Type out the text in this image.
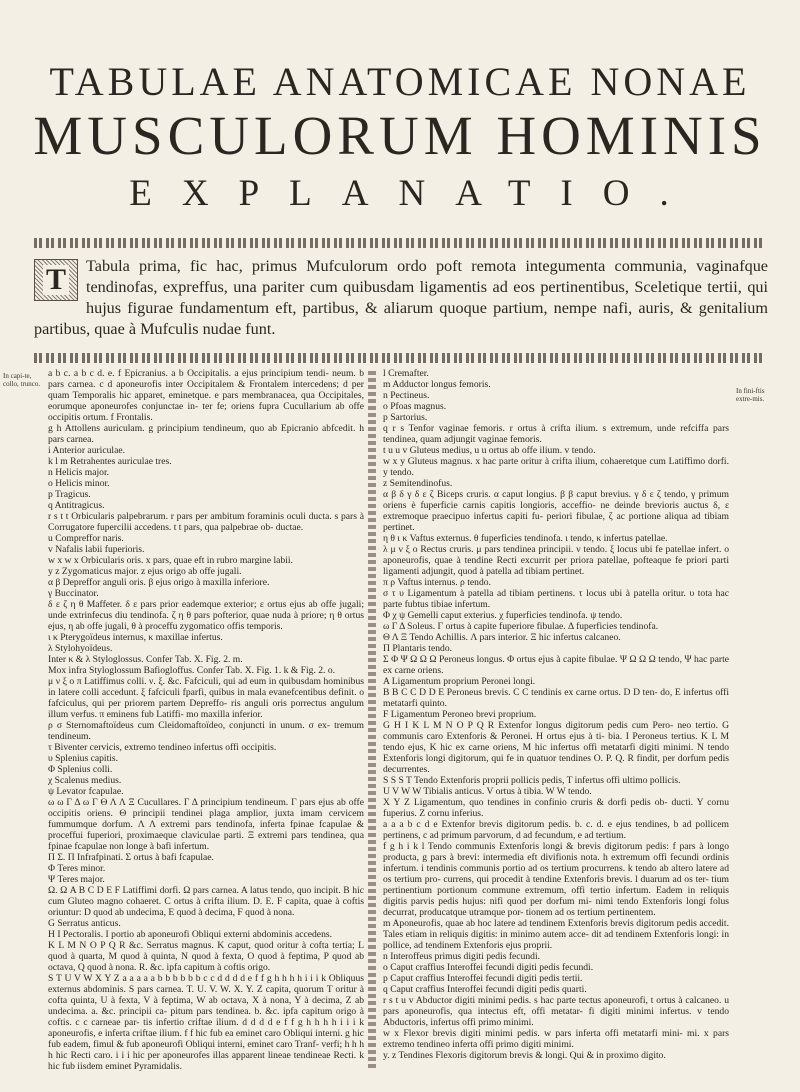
TABULAE ANATOMICAE NONAE
MUSCULORUM HOMINIS
EXPLANATIO.

T Tabula prima, fic hac, primus Mufculorum ordo poft remota integumenta communia, vaginafque tendinofas, expreffus, una pariter cum quibusdam ligamentis ad eos pertinentibus, Sceletique tertii, qui hujus figurae fundamentum eft, partibus, & aliarum quoque partium, nempe nafi, auris, & genitalium partibus, quae à Mufculis nudae funt.

In capi-te, collo, trunco.
In fini-ftis extre-mis.

a b c. a b c d. e. f Epicranius. a b Occipitalis. a ejus principium tendi- neum. b pars carnea. c d aponeurofis inter Occipitalem & Frontalem intercedens; d per quam Temporalis hic apparet, eminetque. e pars membranacea, qua Occipitales, eorumque aponeurofes conjunctae in- ter fe; oriens fupra Cucullarium ab offe occipitis ortum. f Frontalis.

g h Attollens auriculam. g principium tendineum, quo ab Epicranio abfcedit. h pars carnea.

i Anterior auriculae.

k l m Retrahentes auriculae tres.

n Helicis major.

o Helicis minor.

p Tragicus.

q Antitragicus.

r s t t Orbicularis palpebrarum. r pars per ambitum foraminis oculi ducta. s pars à Corrugatore fupercilii accedens. t t pars, qua palpebrae ob- ductae.

u Compreffor naris.

v Nafalis labii fuperioris.

w x w x Orbicularis oris. x pars, quae eft in rubro margine labii.

y z Zygomaticus major. z ejus origo ab offe jugali.

α β Depreffor anguli oris. β ejus origo à maxilla inferiore.

γ Buccinator.

δ ε ζ η θ Maffeter. δ ε pars prior eademque exterior; ε ortus ejus ab offe jugali; unde extrinfecus diu tendinofa. ζ η θ pars pofterior, quae nuda à priore; η θ ortus ejus, η ab offe jugali, θ à proceffu zygomatico offis temporis.

ι κ Pterygoïdeus internus, κ maxillae infertus.

λ Stylohyoïdeus.

Inter κ & λ Styloglossus. Confer Tab. X. Fig. 2. m.

Mox infra Styloglossum Bafiogloffus. Confer Tab. X. Fig. 1. k & Fig. 2. o.

μ ν ξ ο π Latiffimus colli. ν. ξ. &c. Fafciculi, qui ad eum in quibusdam hominibus in latere colli accedunt. ξ fafciculi fparfi, quibus in mala evanefcentibus definit. ο fafciculus, qui per priorem partem Depreffo- ris anguli oris porrectus angulum illum verfus. π eminens fub Latiffi- mo maxilla inferior.

ρ σ Sternomaftoïdeus cum Cleidomaftoïdeo, conjuncti in unum. σ ex- tremum tendineum.

τ Biventer cervicis, extremo tendineo infertus offi occipitis.

υ Splenius capitis.

Φ Splenius colli.

χ Scalenus medius.

ψ Levator fcapulae.

ω ω Γ Δ ω Γ Θ Λ Λ Ξ Cucullares. Γ Δ principium tendineum. Γ pars ejus ab offe occipitis oriens. Θ principii tendinei plaga amplior, juxta imam cervicem fummumque dorfum. Λ Λ extremi pars tendinofa, inferta fpinae fcapulae & proceffui fuperiori, proximaeque claviculae parti. Ξ extremi pars tendinea, qua fpinae fcapulae non longe à bafi infertum.

Π Σ. Π Infrafpinati. Σ ortus à bafi fcapulae.

Φ Teres minor.

Ψ Teres major.

Ω. Ω A B C D E F Latiffimi dorfi. Ω pars carnea. A latus tendo, quo incipit. B hic cum Gluteo magno cohaeret. C ortus à crifta ilium. D. E. F capita, quae à coftis oriuntur: D quod ab undecima, E quod à decima, F quod à nona.

G Serratus anticus.

H I Pectoralis. I portio ab aponeurofi Obliqui externi abdominis accedens.

K L M N O P Q R &c. Serratus magnus. K caput, quod oritur à cofta tertia; L quod à quarta, M quod à quinta, N quod à fexta, O quod à feptima, P quod ab octava, Q quod à nona. R. &c. ipfa capitum à coftis origo.

S T U V W X Y Z a a a a a b b b b b b c c d d d d e f f g h h h h i i i k Obliquus externus abdominis. S pars carnea. T. U. V. W. X. Y. Z capita, quorum T oritur à cofta quinta, U à fexta, V à feptima, W ab octava, X à nona, Y à decima, Z ab undecima. a. &c. principii ca- pitum pars tendinea. b. &c. ipfa capitum origo à coftis. c c carneae par- tis infertio criftae ilium. d d d d e f f g h h h h i i i k aponeurofis, e inferta criftae ilium. f f hic fub ea eminet caro Obliqui interni. g hic fub eadem, fimul & fub aponeurofi Obliqui interni, eminet caro Tranf- verfi; h h h h hic Recti caro. i i i hic per aponeurofes illas apparent lineae tendineae Recti. k hic fub iisdem eminet Pyramidalis.

l Cremafter.

m Adductor longus femoris.

n Pectineus.

o Pfoas magnus.

p Sartorius.

q r s Tenfor vaginae femoris. r ortus à crifta ilium. s extremum, unde refciffa pars tendinea, quam adjungit vaginae femoris.

t u u v Gluteus medius, u u ortus ab offe ilium. v tendo.

w x y Gluteus magnus. x hac parte oritur à crifta ilium, cohaeretque cum Latiffimo dorfi. y tendo.

z Semitendinofus.

α β δ γ δ ε ζ Biceps cruris. α caput longius. β β caput brevius. γ δ ε ζ tendo, γ primum oriens è fuperficie carnis capitis longioris, acceffio- ne deinde brevioris auctus δ, ε extremoque praecipuo infertus capiti fu- periori fibulae, ζ ac portione aliqua ad tibiam pertinet.

η θ ι κ Vaftus externus. θ fuperficies tendinofa. ι tendo, κ infertus patellae.

λ μ ν ξ ο Rectus cruris. μ pars tendinea principii. ν tendo. ξ locus ubi fe patellae infert. ο aponeurofis, quae à tendine Recti excurrit per priora patellae, pofteaque fe priori parti ligamenti adjungit, quod à patella ad tibiam pertinet.

π ρ Vaftus internus. ρ tendo.

σ τ υ Ligamentum à patella ad tibiam pertinens. τ locus ubi à patella oritur. υ tota hac parte fubtus tibiae infertum.

Φ χ ψ Gemelli caput exterius. χ fuperficies tendinofa. ψ tendo.

ω Γ Δ Soleus. Γ ortus à capite fuperiore fibulae. Δ fuperficies tendinofa.

Θ Λ Ξ Tendo Achillis. Λ pars interior. Ξ hic infertus calcaneo.

Π Plantaris tendo.

Σ Φ Ψ Ω Ω Ω Peroneus longus. Φ ortus ejus à capite fibulae. Ψ Ω Ω Ω tendo, Ψ hac parte ex carne oriens.

A Ligamentum proprium Peronei longi.

B B C C D D E Peroneus brevis. C C tendinis ex carne ortus. D D ten- do, E infertus offi metatarfi quinto.

F Ligamentum Peroneo brevi proprium.

G H I K L M N O P Q R Extenfor longus digitorum pedis cum Pero- neo tertio. G communis caro Extenforis & Peronei. H ortus ejus à ti- bia. I Peroneus tertius. K L M tendo ejus, K hic ex carne oriens, M hic infertus offi metatarfi digiti minimi. N tendo Extenforis longi digitorum, qui fe in quatuor tendines O. P. Q. R findit, per dorfum pedis decurrentes.

S S S T Tendo Extenforis proprii pollicis pedis, T infertus offi ultimo pollicis.

U V W W Tibialis anticus. V ortus à tibia. W W tendo.

X Y Z Ligamentum, quo tendines in confinio cruris & dorfi pedis ob- ducti. Y cornu fuperius. Z cornu inferius.

a a a b c d e Extenfor brevis digitorum pedis. b. c. d. e ejus tendines, b ad pollicem pertinens, c ad primum parvorum, d ad fecundum, e ad tertium.

f g h i k l Tendo communis Extenforis longi & brevis digitorum pedis: f pars à longo producta, g pars à brevi: intermedia eft divifionis nota. h extremum offi fecundi ordinis infertum. i tendinis communis portio ad os tertium procurrens. k tendo ab altero latere ad os tertium pro- currens, qui procedit à tendine Extenforis brevis. l duarum ad os ter- tium pertinentium portionum commune extremum, offi tertio infertum. Eadem in reliquis digitis parvis pedis hujus: nifi quod per dorfum mi- nimi tendo Extenforis longi folus decurrat, producatque utramque por- tionem ad os tertium pertinentem.

m Aponeurofis, quae ab hoc latere ad tendinem Extenforis brevis digitorum pedis accedit. Tales etiam in reliquis digitis: in minimo autem acce- dit ad tendinem Extenforis longi: in pollice, ad tendinem Extenforis ejus proprii.

n Interoffeus primus digiti pedis fecundi.

o Caput craffius Interoffei fecundi digiti pedis fecundi.

p Caput craffius Interoffei fecundi digiti pedis tertii.

q Caput craffius Interoffei fecundi digiti pedis quarti.

r s t u v Abductor digiti minimi pedis. s hac parte tectus aponeurofi, t ortus à calcaneo. u pars aponeurofis, qua intectus eft, offi metatar- fi digiti minimi infertus. v tendo Abductoris, infertus offi primo minimi.

w x Flexor brevis digiti minimi pedis. w pars inferta offi metatarfi mini- mi. x pars extremo tendineo inferta offi primo digiti minimi.

y. z Tendines Flexoris digitorum brevis & longi. Qui & in proximo digito.
